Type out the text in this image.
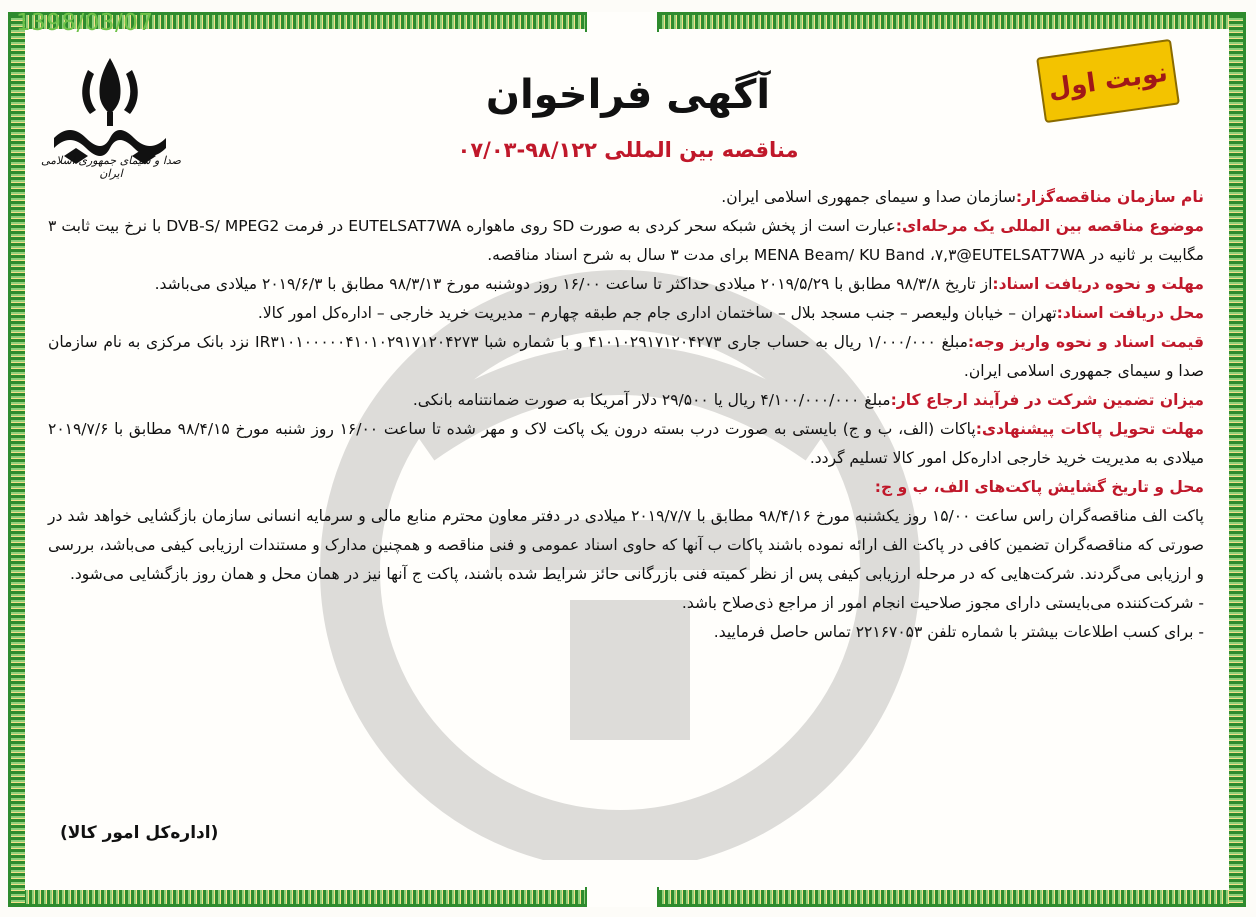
1398/03/07
صدا و سیمای جمهوری اسلامی ایران
نوبت اول
آگهی فراخوان
مناقصه بین المللی ۹۸/۱۲۲-۰۷/۰۳

نام سازمان مناقصه‌گزار:سازمان صدا و سیمای جمهوری اسلامی ایران.

موضوع مناقصه بین المللی یک مرحله‌ای:عبارت است از پخش شبکه سحر کردی به صورت SD روی ماهواره EUTELSAT7WA در فرمت DVB-S/ MPEG2 با نرخ بیت ثابت ۳ مگابیت بر ثانیه در MENA Beam/ KU Band ،۷,۳@EUTELSAT7WA برای مدت ۳ سال به شرح اسناد مناقصه.

مهلت و نحوه دریافت اسناد:از تاریخ ۹۸/۳/۸ مطابق با ۲۰۱۹/۵/۲۹ میلادی حداکثر تا ساعت ۱۶/۰۰ روز دوشنبه مورخ ۹۸/۳/۱۳ مطابق با ۲۰۱۹/۶/۳ میلادی می‌باشد.

محل دریافت اسناد:تهران – خیابان ولیعصر – جنب مسجد بلال – ساختمان اداری جام جم طبقه چهارم – مدیریت خرید خارجی – اداره‌کل امور کالا.

قیمت اسناد و نحوه واریز وجه:مبلغ ۱/۰۰۰/۰۰۰ ریال به حساب جاری ۴۱۰۱۰۲۹۱۷۱۲۰۴۲۷۳ و با شماره شبا IR۳۱۰۱۰۰۰۰۰۴۱۰۱۰۲۹۱۷۱۲۰۴۲۷۳ نزد بانک مرکزی به نام سازمان صدا و سیمای جمهوری اسلامی ایران.

میزان تضمین شرکت در فرآیند ارجاع کار:مبلغ ۴/۱۰۰/۰۰۰/۰۰۰ ریال یا ۲۹/۵۰۰ دلار آمریکا به صورت ضمانتنامه بانکی.

مهلت تحویل پاکات پیشنهادی:پاکات (الف، ب و ج) بایستی به صورت درب بسته درون یک پاکت لاک و مهر شده تا ساعت ۱۶/۰۰ روز شنبه مورخ ۹۸/۴/۱۵ مطابق با ۲۰۱۹/۷/۶ میلادی به مدیریت خرید خارجی اداره‌کل امور کالا تسلیم گردد.

محل و تاریخ گشایش پاکت‌های الف، ب و ج:

پاکت الف مناقصه‌گران راس ساعت ۱۵/۰۰ روز یکشنبه مورخ ۹۸/۴/۱۶ مطابق با ۲۰۱۹/۷/۷ میلادی در دفتر معاون محترم منابع مالی و سرمایه انسانی سازمان بازگشایی خواهد شد در صورتی که مناقصه‌گران تضمین کافی در پاکت الف ارائه نموده باشند پاکات ب آنها که حاوی اسناد عمومی و فنی مناقصه و همچنین مدارک و مستندات ارزیابی کیفی می‌باشد، بررسی و ارزیابی می‌گردند. شرکت‌هایی که در مرحله ارزیابی کیفی پس از نظر کمیته فنی بازرگانی حائز شرایط شده باشند، پاکت ج آنها نیز در همان محل و همان روز بازگشایی می‌شود.

- شرکت‌کننده می‌بایستی دارای مجوز صلاحیت انجام امور از مراجع ذی‌صلاح باشد.

- برای کسب اطلاعات بیشتر با شماره تلفن ۲۲۱۶۷۰۵۳ تماس حاصل فرمایید.

(اداره‌کل امور کالا)
